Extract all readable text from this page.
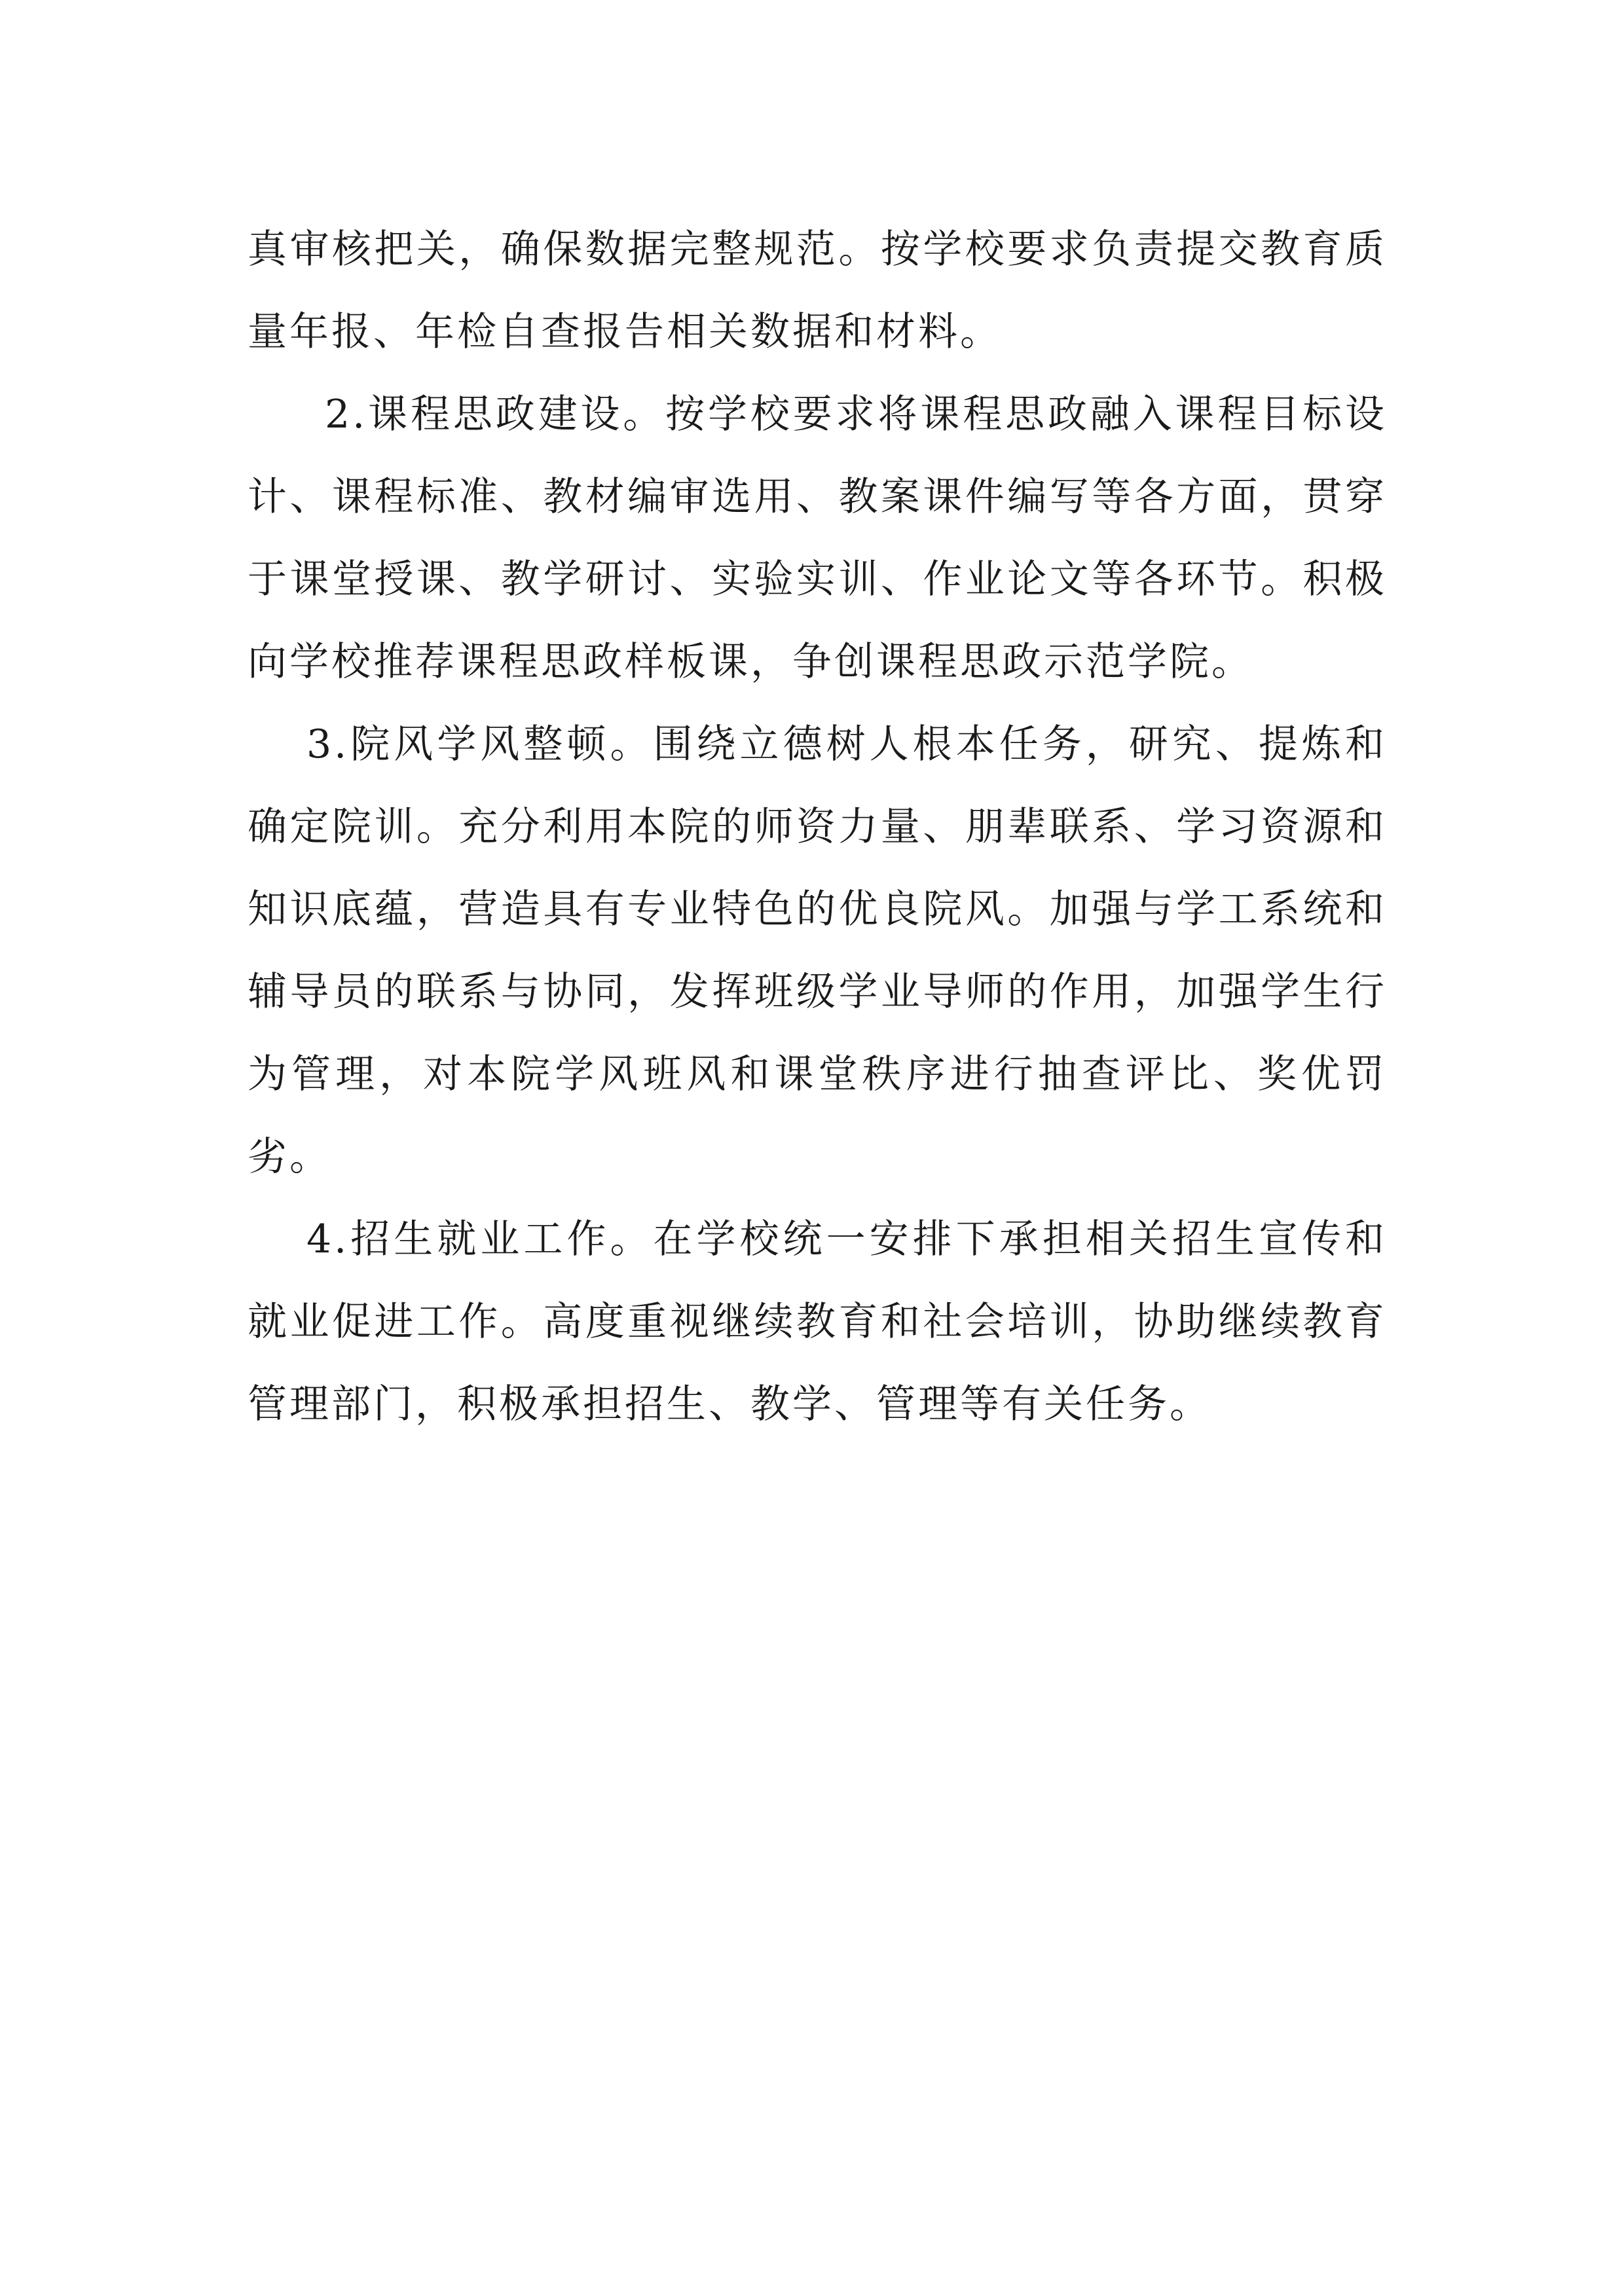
真审核把关，确保数据完整规范。按学校要求负责提交教育质量年报、年检自查报告相关数据和材料。

2.课程思政建设。按学校要求将课程思政融入课程目标设计、课程标准、教材编审选用、教案课件编写等各方面，贯穿于课堂授课、教学研讨、实验实训、作业论文等各环节。积极向学校推荐课程思政样板课，争创课程思政示范学院。

3.院风学风整顿。围绕立德树人根本任务，研究、提炼和确定院训。充分利用本院的师资力量、朋辈联系、学习资源和知识底蕴，营造具有专业特色的优良院风。加强与学工系统和辅导员的联系与协同，发挥班级学业导师的作用，加强学生行为管理，对本院学风班风和课堂秩序进行抽查评比、奖优罚劣。

4.招生就业工作。在学校统一安排下承担相关招生宣传和就业促进工作。高度重视继续教育和社会培训，协助继续教育管理部门，积极承担招生、教学、管理等有关任务。
